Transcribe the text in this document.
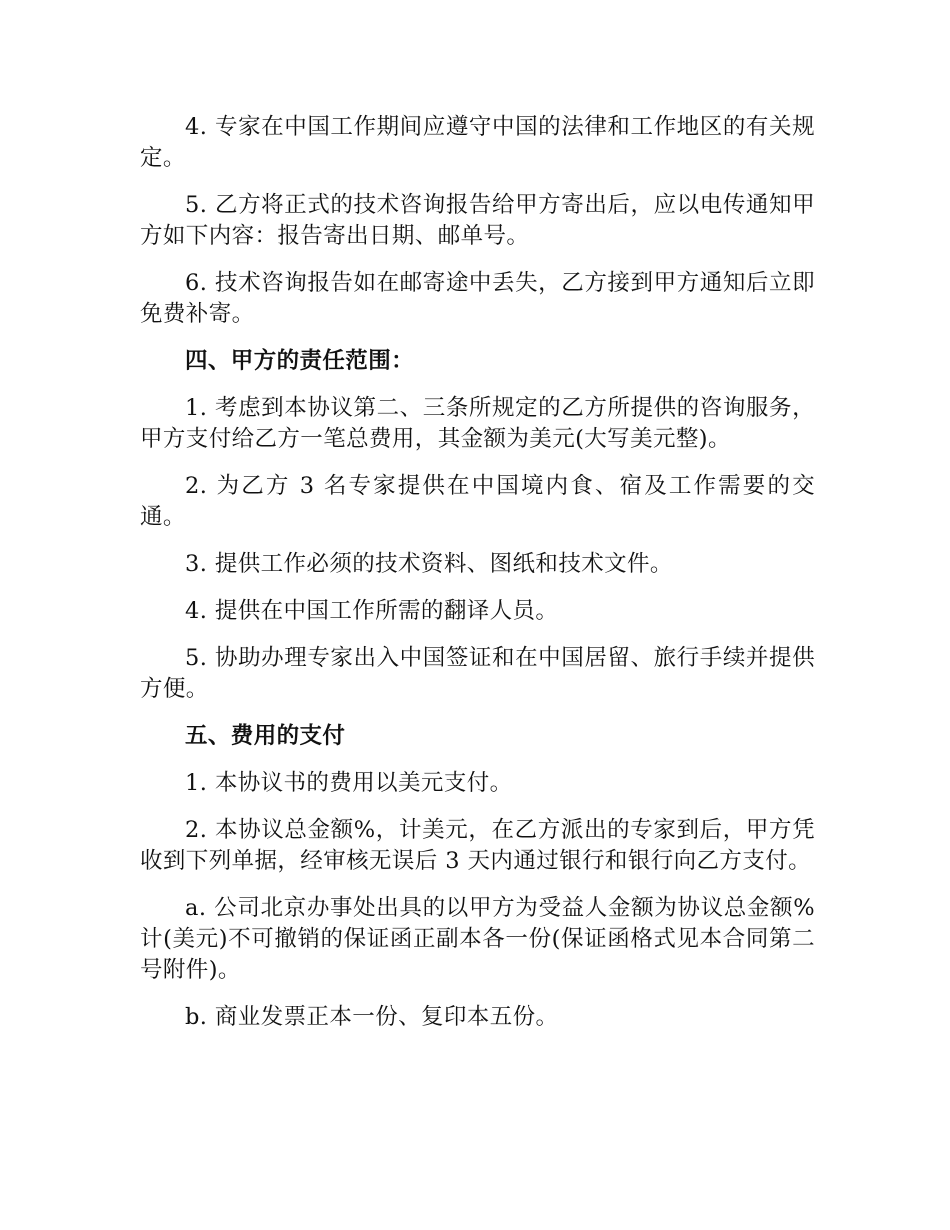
4. 专家在中国工作期间应遵守中国的法律和工作地区的有关规定。

5. 乙方将正式的技术咨询报告给甲方寄出后，应以电传通知甲方如下内容：报告寄出日期、邮单号。

6. 技术咨询报告如在邮寄途中丢失，乙方接到甲方通知后立即免费补寄。

四、甲方的责任范围：

1. 考虑到本协议第二、三条所规定的乙方所提供的咨询服务，甲方支付给乙方一笔总费用，其金额为美元(大写美元整)。

2. 为乙方 3 名专家提供在中国境内食、宿及工作需要的交通。

3. 提供工作必须的技术资料、图纸和技术文件。

4. 提供在中国工作所需的翻译人员。

5. 协助办理专家出入中国签证和在中国居留、旅行手续并提供方便。

五、费用的支付

1. 本协议书的费用以美元支付。

2. 本协议总金额%，计美元，在乙方派出的专家到后，甲方凭收到下列单据，经审核无误后 3 天内通过银行和银行向乙方支付。

a. 公司北京办事处出具的以甲方为受益人金额为协议总金额%计(美元)不可撤销的保证函正副本各一份(保证函格式见本合同第二号附件)。

b. 商业发票正本一份、复印本五份。
